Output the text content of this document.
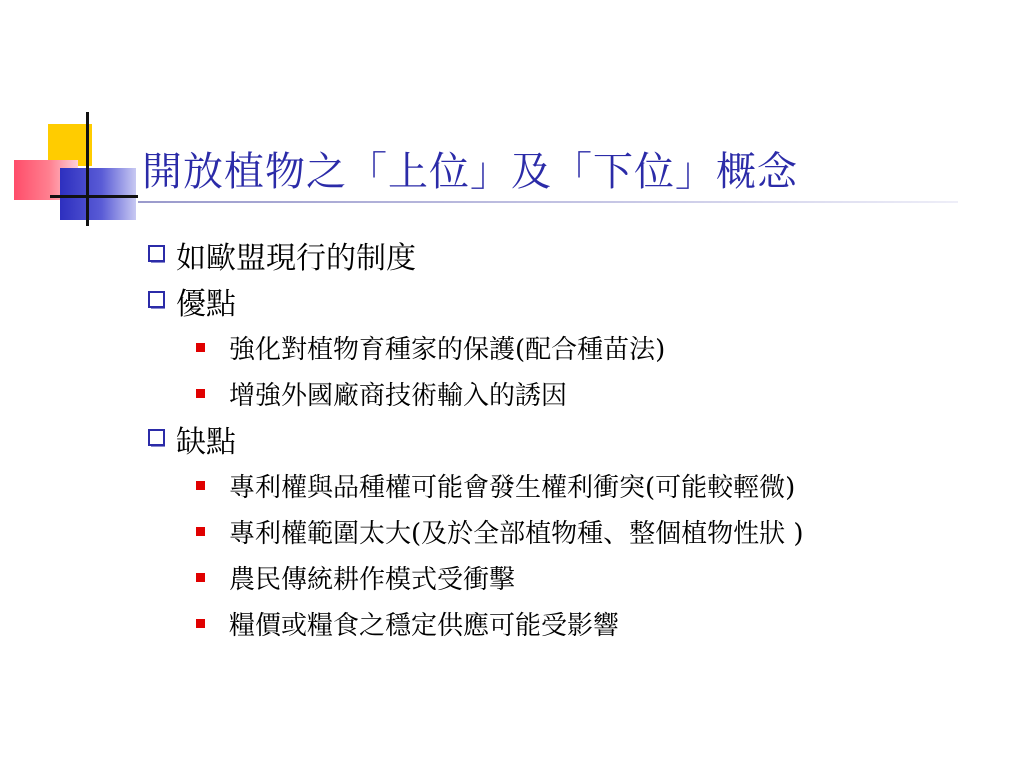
開放植物之「上位」及「下位」概念
如歐盟現行的制度
優點
強化對植物育種家的保護(配合種苗法)
增強外國廠商技術輸入的誘因
缺點
專利權與品種權可能會發生權利衝突(可能較輕微)
專利權範圍太大(及於全部植物種、整個植物性狀 )
農民傳統耕作模式受衝擊
糧價或糧食之穩定供應可能受影響
